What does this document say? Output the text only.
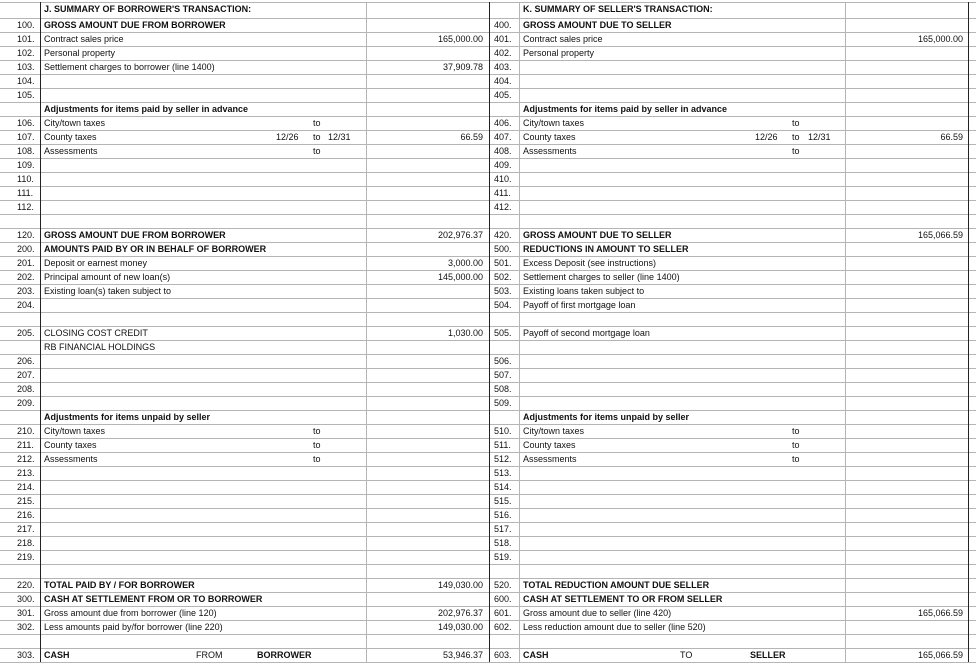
J. SUMMARY OF BORROWER'S TRANSACTION:
100. GROSS AMOUNT DUE FROM BORROWER
101. Contract sales price	165,000.00
102. Personal property
103. Settlement charges to borrower (line 1400)	37,909.78
104.
105.
Adjustments for items paid by seller in advance
106. City/town taxes	to
107. County taxes	12/26 to 12/31	66.59
108. Assessments	to
109.
110.
111.
112.
120. GROSS AMOUNT DUE FROM BORROWER	202,976.37
200. AMOUNTS PAID BY OR IN BEHALF OF BORROWER
201. Deposit or earnest money	3,000.00
202. Principal amount of new loan(s)	145,000.00
203. Existing loan(s) taken subject to
204.
205. CLOSING COST CREDIT	1,030.00
RB FINANCIAL HOLDINGS
206.
207.
208.
209.
Adjustments for items unpaid by seller
210. City/town taxes	to
211. County taxes	to
212. Assessments	to
213.
214.
215.
216.
217.
218.
219.
220. TOTAL PAID BY / FOR BORROWER	149,030.00
300. CASH AT SETTLEMENT FROM OR TO BORROWER
301. Gross amount due from borrower (line 120)	202,976.37
302. Less amounts paid by/for borrower (line 220)	149,030.00
303. CASH	FROM	BORROWER	53,946.37
K. SUMMARY OF SELLER'S TRANSACTION:
400. GROSS AMOUNT DUE TO SELLER
401. Contract sales price	165,000.00
402. Personal property
403.
404.
405.
Adjustments for items paid by seller in advance
406. City/town taxes	to
407. County taxes	12/26 to 12/31	66.59
408. Assessments	to
409.
410.
411.
412.
420. GROSS AMOUNT DUE TO SELLER	165,066.59
500. REDUCTIONS IN AMOUNT TO SELLER
501. Excess Deposit (see instructions)
502. Settlement charges to seller (line 1400)
503. Existing loans taken subject to
504. Payoff of first mortgage loan
505. Payoff of second mortgage loan
506.
507.
508.
509.
Adjustments for items unpaid by seller
510. City/town taxes	to
511. County taxes	to
512. Assessments	to
513.
514.
515.
516.
517.
518.
519.
520. TOTAL REDUCTION AMOUNT DUE SELLER
600. CASH AT SETTLEMENT TO OR FROM SELLER
601. Gross amount due to seller (line 420)	165,066.59
602. Less reduction amount due to seller (line 520)
603. CASH	TO	SELLER	165,066.59
